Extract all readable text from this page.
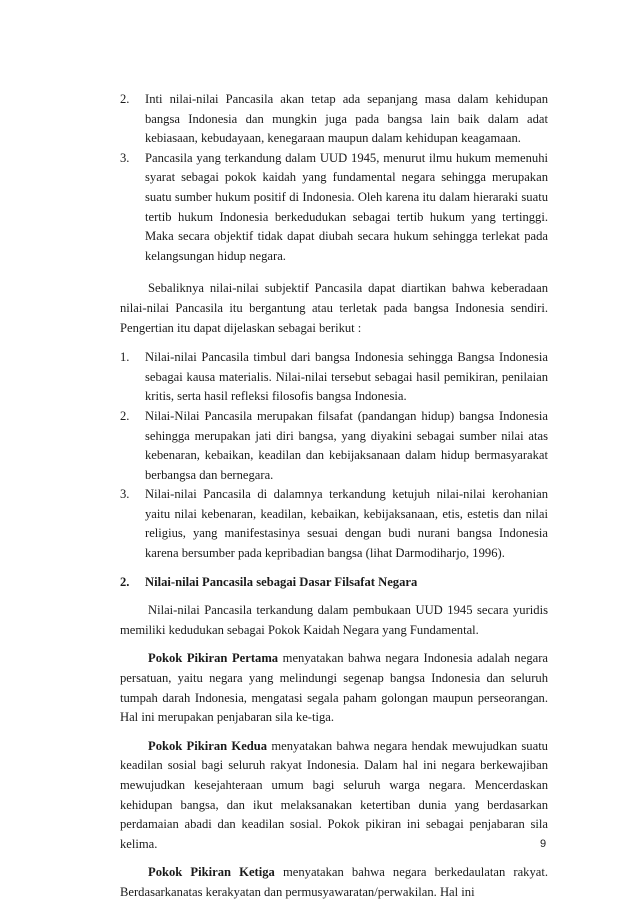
2. Inti nilai-nilai Pancasila akan tetap ada sepanjang masa dalam kehidupan bangsa Indonesia dan mungkin juga pada bangsa lain baik dalam adat kebiasaan, kebudayaan, kenegaraan maupun dalam kehidupan keagamaan.
3. Pancasila yang terkandung dalam UUD 1945, menurut ilmu hukum memenuhi syarat sebagai pokok kaidah yang fundamental negara sehingga merupakan suatu sumber hukum positif di Indonesia. Oleh karena itu dalam hieraraki suatu tertib hukum Indonesia berkedudukan sebagai tertib hukum yang tertinggi. Maka secara objektif tidak dapat diubah secara hukum sehingga terlekat pada kelangsungan hidup negara.

Sebaliknya nilai-nilai subjektif Pancasila dapat diartikan bahwa keberadaan nilai-nilai Pancasila itu bergantung atau terletak pada bangsa Indonesia sendiri. Pengertian itu dapat dijelaskan sebagai berikut :

1. Nilai-nilai Pancasila timbul dari bangsa Indonesia sehingga Bangsa Indonesia sebagai kausa materialis. Nilai-nilai tersebut sebagai hasil pemikiran, penilaian kritis, serta hasil refleksi filosofis bangsa Indonesia.
2. Nilai-Nilai Pancasila merupakan filsafat (pandangan hidup) bangsa Indonesia sehingga merupakan jati diri bangsa, yang diyakini sebagai sumber nilai atas kebenaran, kebaikan, keadilan dan kebijaksanaan dalam hidup bermasyarakat berbangsa dan bernegara.
3. Nilai-nilai Pancasila di dalamnya terkandung ketujuh nilai-nilai kerohanian yaitu nilai kebenaran, keadilan, kebaikan, kebijaksanaan, etis, estetis dan nilai religius, yang manifestasinya sesuai dengan budi nurani bangsa Indonesia karena bersumber pada kepribadian bangsa (lihat Darmodiharjo, 1996).

2. Nilai-nilai Pancasila sebagai Dasar Filsafat Negara

Nilai-nilai Pancasila terkandung dalam pembukaan UUD 1945 secara yuridis memiliki kedudukan sebagai Pokok Kaidah Negara yang Fundamental.

Pokok Pikiran Pertama menyatakan bahwa negara Indonesia adalah negara persatuan, yaitu negara yang melindungi segenap bangsa Indonesia dan seluruh tumpah darah Indonesia, mengatasi segala paham golongan maupun perseorangan. Hal ini merupakan penjabaran sila ke-tiga.

Pokok Pikiran Kedua menyatakan bahwa negara hendak mewujudkan suatu keadilan sosial bagi seluruh rakyat Indonesia. Dalam hal ini negara berkewajiban mewujudkan kesejahteraan umum bagi seluruh warga negara. Mencerdaskan kehidupan bangsa, dan ikut melaksanakan ketertiban dunia yang berdasarkan perdamaian abadi dan keadilan sosial. Pokok pikiran ini sebagai penjabaran sila kelima.

Pokok Pikiran Ketiga menyatakan bahwa negara berkedaulatan rakyat. Berdasarkanatas kerakyatan dan permusyawaratan/perwakilan. Hal ini

9
